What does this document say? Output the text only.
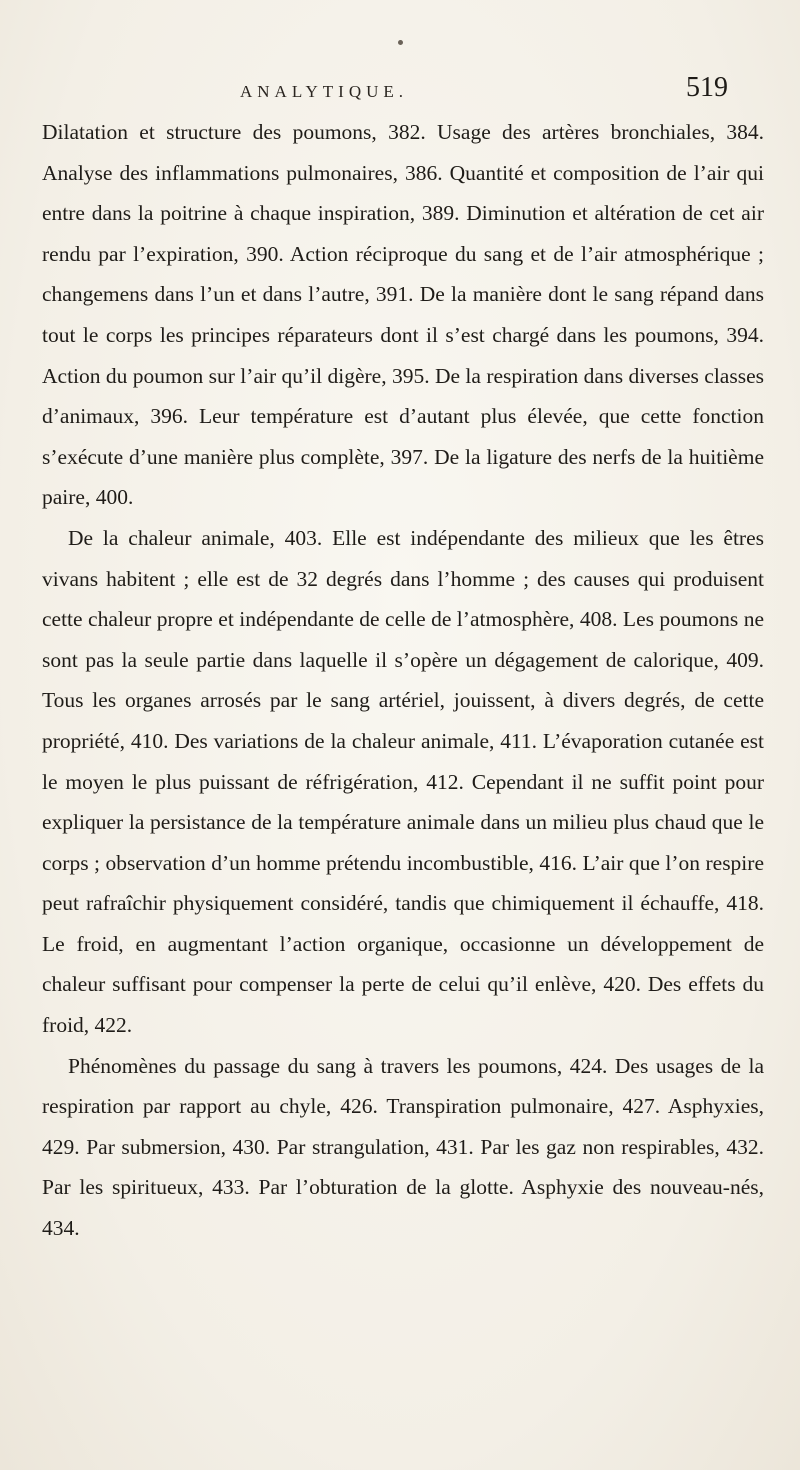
ANALYTIQUE.	519

Dilatation et structure des poumons, 382. Usage des artères bronchiales, 384. Analyse des inflammations pulmonaires, 386. Quantité et composition de l’air qui entre dans la poitrine à chaque inspiration, 389. Diminution et altération de cet air rendu par l’expiration, 390. Action réciproque du sang et de l’air atmosphérique ; changemens dans l’un et dans l’autre, 391. De la manière dont le sang répand dans tout le corps les principes réparateurs dont il s’est chargé dans les poumons, 394. Action du poumon sur l’air qu’il digère, 395. De la respiration dans diverses classes d’animaux, 396. Leur température est d’autant plus élevée, que cette fonction s’exécute d’une manière plus complète, 397. De la ligature des nerfs de la huitième paire, 400.

De la chaleur animale, 403. Elle est indépendante des milieux que les êtres vivans habitent ; elle est de 32 degrés dans l’homme ; des causes qui produisent cette chaleur propre et indépendante de celle de l’atmosphère, 408. Les poumons ne sont pas la seule partie dans laquelle il s’opère un dégagement de calorique, 409. Tous les organes arrosés par le sang artériel, jouissent, à divers degrés, de cette propriété, 410. Des variations de la chaleur animale, 411. L’évaporation cutanée est le moyen le plus puissant de réfrigération, 412. Cependant il ne suffit point pour expliquer la persistance de la température animale dans un milieu plus chaud que le corps ; observation d’un homme prétendu incombustible, 416. L’air que l’on respire peut rafraîchir physiquement considéré, tandis que chimiquement il échauffe, 418. Le froid, en augmentant l’action organique, occasionne un développement de chaleur suffisant pour compenser la perte de celui qu’il enlève, 420. Des effets du froid, 422.

Phénomènes du passage du sang à travers les poumons, 424. Des usages de la respiration par rapport au chyle, 426. Transpiration pulmonaire, 427. Asphyxies, 429. Par submersion, 430. Par strangulation, 431. Par les gaz non respirables, 432. Par les spiritueux, 433. Par l’obturation de la glotte. Asphyxie des nouveau-nés, 434.
